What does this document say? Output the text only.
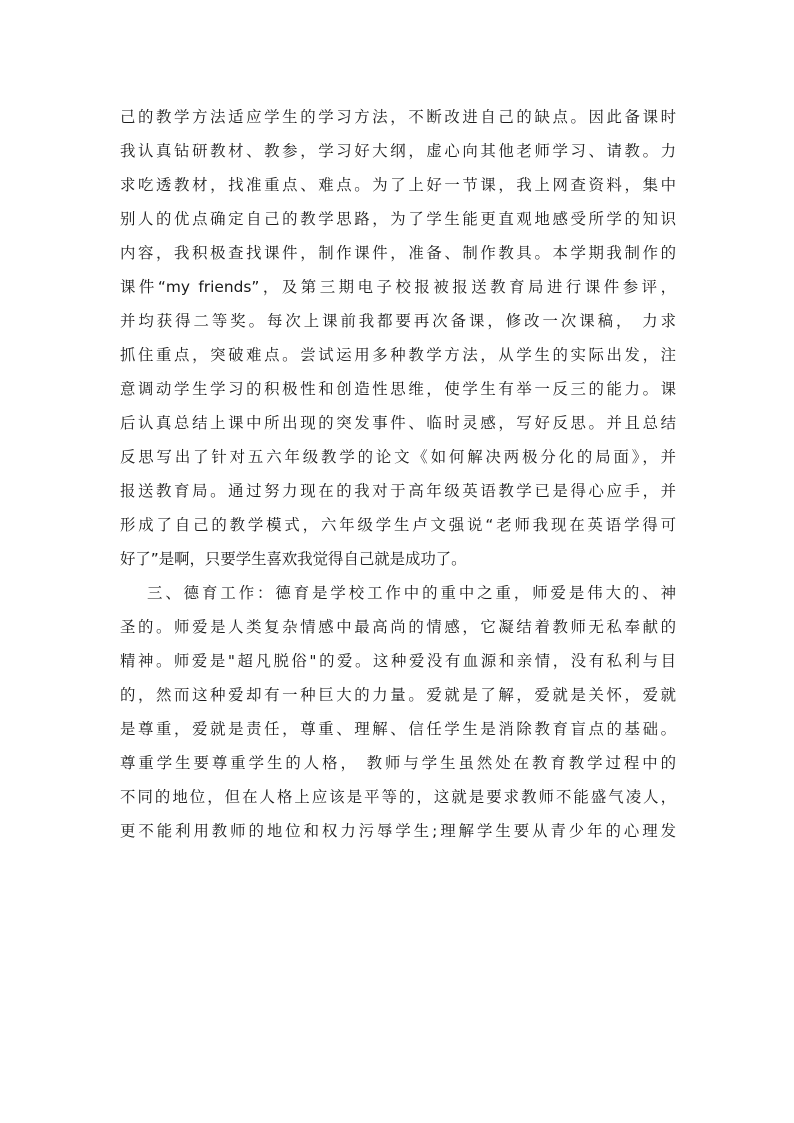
己的教学方法适应学生的学习方法，不断改进自己的缺点。因此备课时
我认真钻研教材、教参，学习好大纲，虚心向其他老师学习、请教。力
求吃透教材，找准重点、难点。为了上好一节课，我上网查资料，集中
别人的优点确定自己的教学思路，为了学生能更直观地感受所学的知识
内容，我积极查找课件，制作课件，准备、制作教具。本学期我制作的
课件“my friends”，及第三期电子校报被报送教育局进行课件参评，
并均获得二等奖。每次上课前我都要再次备课，修改一次课稿， 力求
抓住重点，突破难点。尝试运用多种教学方法，从学生的实际出发，注
意调动学生学习的积极性和创造性思维，使学生有举一反三的能力。课
后认真总结上课中所出现的突发事件、临时灵感，写好反思。并且总结
反思写出了针对五六年级教学的论文《如何解决两极分化的局面》，并
报送教育局。通过努力现在的我对于高年级英语教学已是得心应手，并
形成了自己的教学模式，六年级学生卢文强说“老师我现在英语学得可
好了”是啊，只要学生喜欢我觉得自己就是成功了。
三、德育工作：德育是学校工作中的重中之重，师爱是伟大的、神
圣的。师爱是人类复杂情感中最高尚的情感，它凝结着教师无私奉献的
精神。师爱是"超凡脱俗"的爱。这种爱没有血源和亲情，没有私利与目
的，然而这种爱却有一种巨大的力量。爱就是了解，爱就是关怀，爱就
是尊重，爱就是责任，尊重、理解、信任学生是消除教育盲点的基础。
尊重学生要尊重学生的人格， 教师与学生虽然处在教育教学过程中的
不同的地位，但在人格上应该是平等的，这就是要求教师不能盛气凌人，
更不能利用教师的地位和权力污辱学生;理解学生要从青少年的心理发
